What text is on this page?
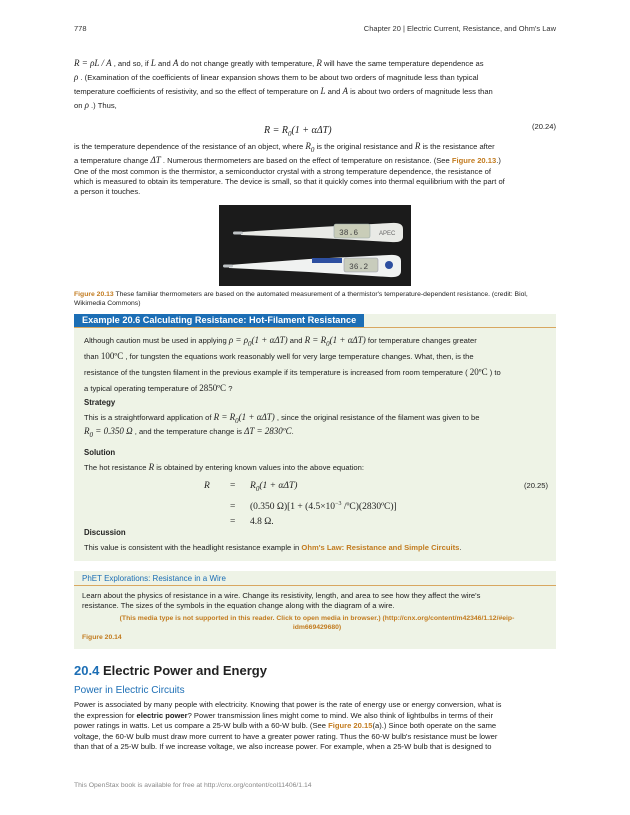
778	Chapter 20 | Electric Current, Resistance, and Ohm's Law
R = ρL / A , and so, if L and A do not change greatly with temperature, R will have the same temperature dependence as
ρ . (Examination of the coefficients of linear expansion shows them to be about two orders of magnitude less than typical
temperature coefficients of resistivity, and so the effect of temperature on L and A is about two orders of magnitude less than
on ρ .) Thus,
$R = R_0(1 + \alpha\Delta T)$	(20.24)
is the temperature dependence of the resistance of an object, where $R_0$ is the original resistance and R is the resistance after
a temperature change ΔT . Numerous thermometers are based on the effect of temperature on resistance. (See Figure 20.13.)
One of the most common is the thermistor, a semiconductor crystal with a strong temperature dependence, the resistance of
which is measured to obtain its temperature. The device is small, so that it quickly comes into thermal equilibrium with the part of
a person it touches.
38.6	APEC
36.2
Figure 20.13 These familiar thermometers are based on the automated measurement of a thermistor's temperature-dependent resistance. (credit: Biol,
Wikimedia Commons)
Example 20.6 Calculating Resistance: Hot-Filament Resistance
Although caution must be used in applying $\rho = \rho_0(1 + \alpha\Delta T)$ and $R = R_0(1 + \alpha\Delta T)$ for temperature changes greater
than 100ºC , for tungsten the equations work reasonably well for very large temperature changes. What, then, is the
resistance of the tungsten filament in the previous example if its temperature is increased from room temperature ( 20ºC ) to
a typical operating temperature of 2850ºC ?
Strategy
This is a straightforward application of $R = R_0(1 + \alpha\Delta T)$ , since the original resistance of the filament was given to be
$R_0 = 0.350$ Ω , and the temperature change is ΔT = 2830ºC.
Solution
The hot resistance R is obtained by entering known values into the above equation:
$R = R_0(1 + \alpha\Delta T)$
= (0.350 $\Omega)[1 + (4.5\times 10^{-3}$ /ºC)(2830ºC)]
= 4.8 Ω.
(20.25)
Discussion
This value is consistent with the headlight resistance example in Ohm's Law: Resistance and Simple Circuits.
PhET Explorations: Resistance in a Wire
Learn about the physics of resistance in a wire. Change its resistivity, length, and area to see how they affect the wire's
resistance. The sizes of the symbols in the equation change along with the diagram of a wire.
(This media type is not supported in this reader. Click to open media in browser.) (http://cnx.org/content/m42346/1.12/#eip-
idm669429680)
Figure 20.14
20.4 Electric Power and Energy
Power in Electric Circuits
Power is associated by many people with electricity. Knowing that power is the rate of energy use or energy conversion, what is
the expression for electric power? Power transmission lines might come to mind. We also think of lightbulbs in terms of their
power ratings in watts. Let us compare a 25-W bulb with a 60-W bulb. (See Figure 20.15(a).) Since both operate on the same
voltage, the 60-W bulb must draw more current to have a greater power rating. Thus the 60-W bulb's resistance must be lower
than that of a 25-W bulb. If we increase voltage, we also increase power. For example, when a 25-W bulb that is designed to
This OpenStax book is available for free at http://cnx.org/content/col11406/1.14
